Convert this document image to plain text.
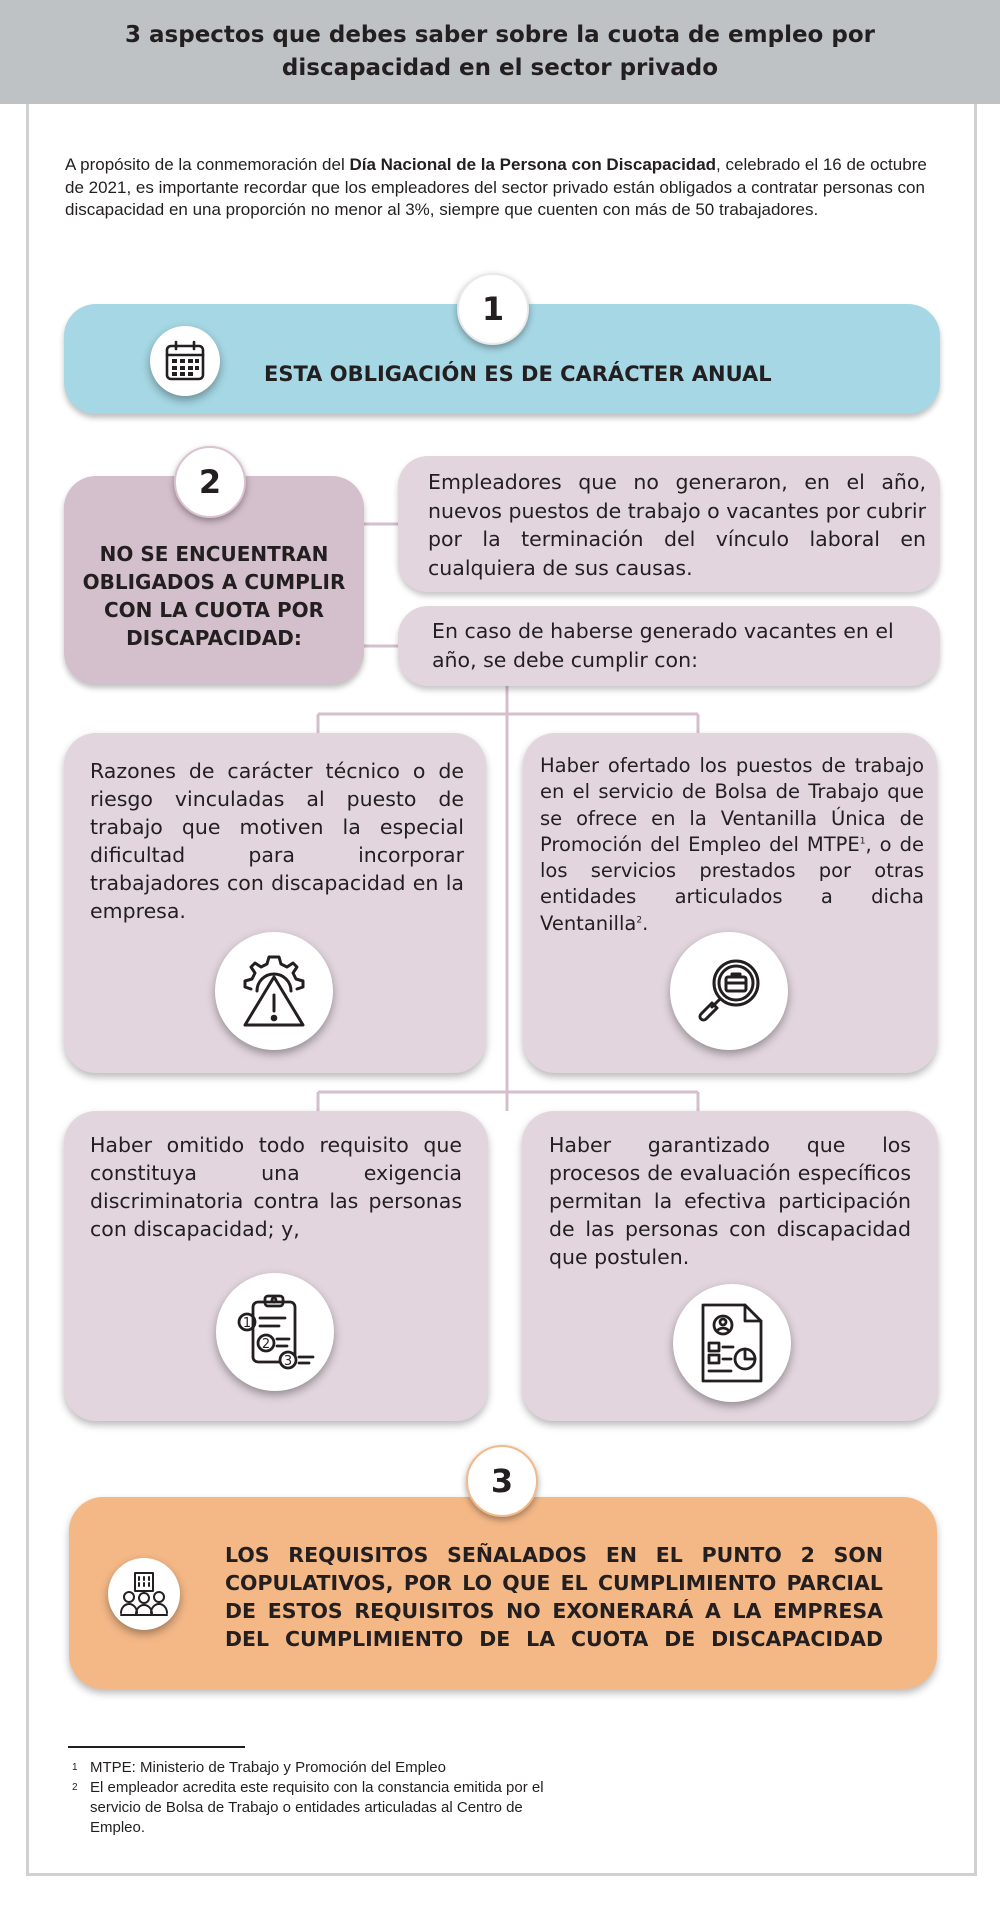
3 aspectos que debes saber sobre la cuota de empleo por discapacidad en el sector privado

A propósito de la conmemoración del Día Nacional de la Persona con Discapacidad, celebrado el 16 de octubre de 2021, es importante recordar que los empleadores del sector privado están obligados a contratar personas con discapacidad en una proporción no menor al 3%, siempre que cuenten con más de 50 trabajadores.

ESTA OBLIGACIÓN ES DE CARÁCTER ANUAL
1
NO SE ENCUENTRAN OBLIGADOS A CUMPLIR CON LA CUOTA POR DISCAPACIDAD:
2	Empleadores que no generaron, en el año, nuevos puestos de trabajo o vacantes por cubrir por la terminación del vínculo laboral en cualquiera de sus causas.
En caso de haberse generado vacantes en el año, se debe cumplir con:

Razones de carácter técnico o de riesgo vinculadas al puesto de trabajo que motiven la especial dificultad para incorporar trabajadores con discapacidad en la empresa.

Haber ofertado los puestos de trabajo en el servicio de Bolsa de Trabajo que se ofrece en la Ventanilla Única de Promoción del Empleo del MTPE$^1$, o de los servicios prestados por otras entidades articulados a dicha Ventanilla$^2$.

Haber omitido todo requisito que constituya una exigencia discriminatoria contra las personas con discapacidad; y,

1
2
3

Haber garantizado que los procesos de evaluación específicos permitan la efectiva participación de las personas con discapacidad que postulen.

LOS REQUISITOS SEÑALADOS EN EL PUNTO 2 SON COPULATIVOS, POR LO QUE EL CUMPLIMIENTO PARCIAL DE ESTOS REQUISITOS NO EXONERARÁ A LA EMPRESA DEL CUMPLIMIENTO DE LA CUOTA DE DISCAPACIDAD
3
1 MTPE: Ministerio de Trabajo y Promoción del Empleo
2 El empleador acredita este requisito con la constancia emitida por el servicio de Bolsa de Trabajo o entidades articuladas al Centro de Empleo.
